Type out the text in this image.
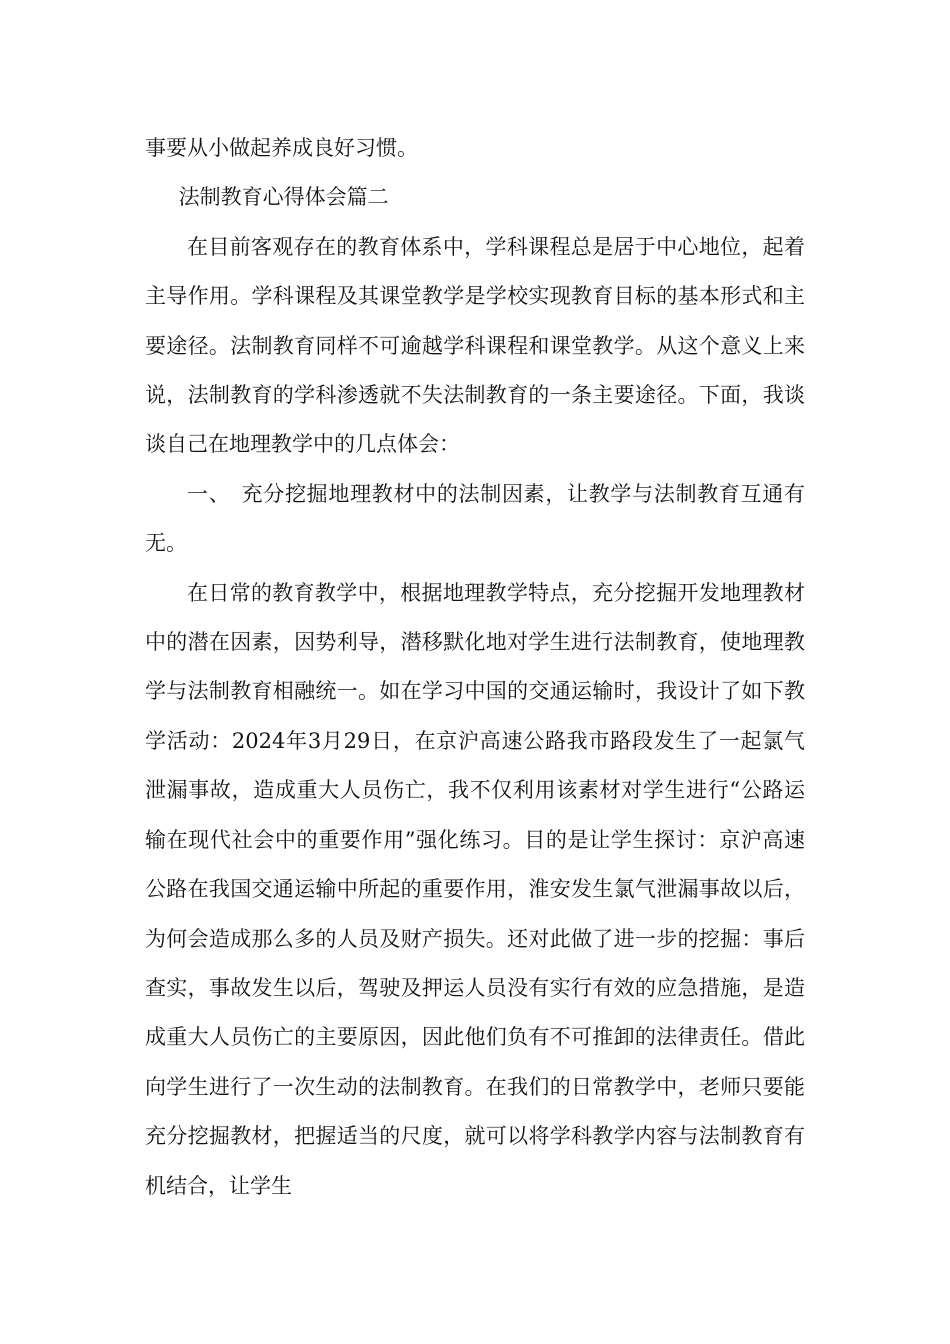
事要从小做起养成良好习惯。

法制教育心得体会篇二

在目前客观存在的教育体系中，学科课程总是居于中心地位，起着主导作用。学科课程及其课堂教学是学校实现教育目标的基本形式和主要途径。法制教育同样不可逾越学科课程和课堂教学。从这个意义上来说，法制教育的学科渗透就不失法制教育的一条主要途径。下面，我谈谈自己在地理教学中的几点体会：

一、　充分挖掘地理教材中的法制因素，让教学与法制教育互通有无。

在日常的教育教学中，根据地理教学特点，充分挖掘开发地理教材中的潜在因素，因势利导，潜移默化地对学生进行法制教育，使地理教学与法制教育相融统一。如在学习中国的交通运输时，我设计了如下教学活动：2024年3月29日，在京沪高速公路我市路段发生了一起氯气泄漏事故，造成重大人员伤亡，我不仅利用该素材对学生进行“公路运输在现代社会中的重要作用”强化练习。目的是让学生探讨：京沪高速公路在我国交通运输中所起的重要作用，淮安发生氯气泄漏事故以后，为何会造成那么多的人员及财产损失。还对此做了进一步的挖掘：事后查实，事故发生以后，驾驶及押运人员没有实行有效的应急措施，是造成重大人员伤亡的主要原因，因此他们负有不可推卸的法律责任。借此向学生进行了一次生动的法制教育。在我们的日常教学中，老师只要能充分挖掘教材，把握适当的尺度，就可以将学科教学内容与法制教育有机结合，让学生
